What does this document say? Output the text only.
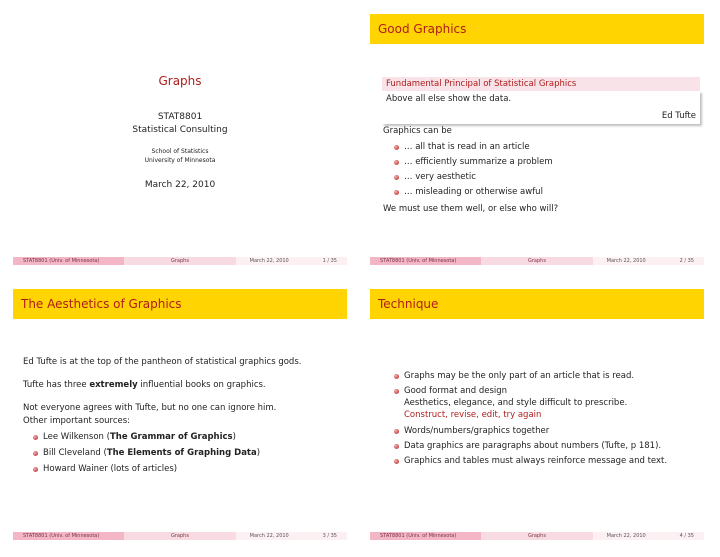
Graphs
STAT8801
Statistical Consulting
School of Statistics
University of Minnesota
March 22, 2010
STAT8801 (Univ. of Minnesota)	Graphs	March 22, 2010	1 / 35
Good Graphics
Fundamental Principal of Statistical Graphics
Above all else show the data.
Ed Tufte
Graphics can be
… all that is read in an article
… efficiently summarize a problem
… very aesthetic
… misleading or otherwise awful
We must use them well, or else who will?
STAT8801 (Univ. of Minnesota)	Graphs	March 22, 2010	2 / 35
The Aesthetics of Graphics
Ed Tufte is at the top of the pantheon of statistical graphics gods.
Tufte has three extremely influential books on graphics.
Not everyone agrees with Tufte, but no one can ignore him.
Other important sources:
Lee Wilkenson (The Grammar of Graphics)
Bill Cleveland (The Elements of Graphing Data)
Howard Wainer (lots of articles)
STAT8801 (Univ. of Minnesota)	Graphs	March 22, 2010	3 / 35
Technique
Graphs may be the only part of an article that is read.
Good format and design
Aesthetics, elegance, and style difficult to prescribe.
Construct, revise, edit, try again
Words/numbers/graphics together
Data graphics are paragraphs about numbers (Tufte, p 181).
Graphics and tables must always reinforce message and text.
STAT8801 (Univ. of Minnesota)	Graphs	March 22, 2010	4 / 35
